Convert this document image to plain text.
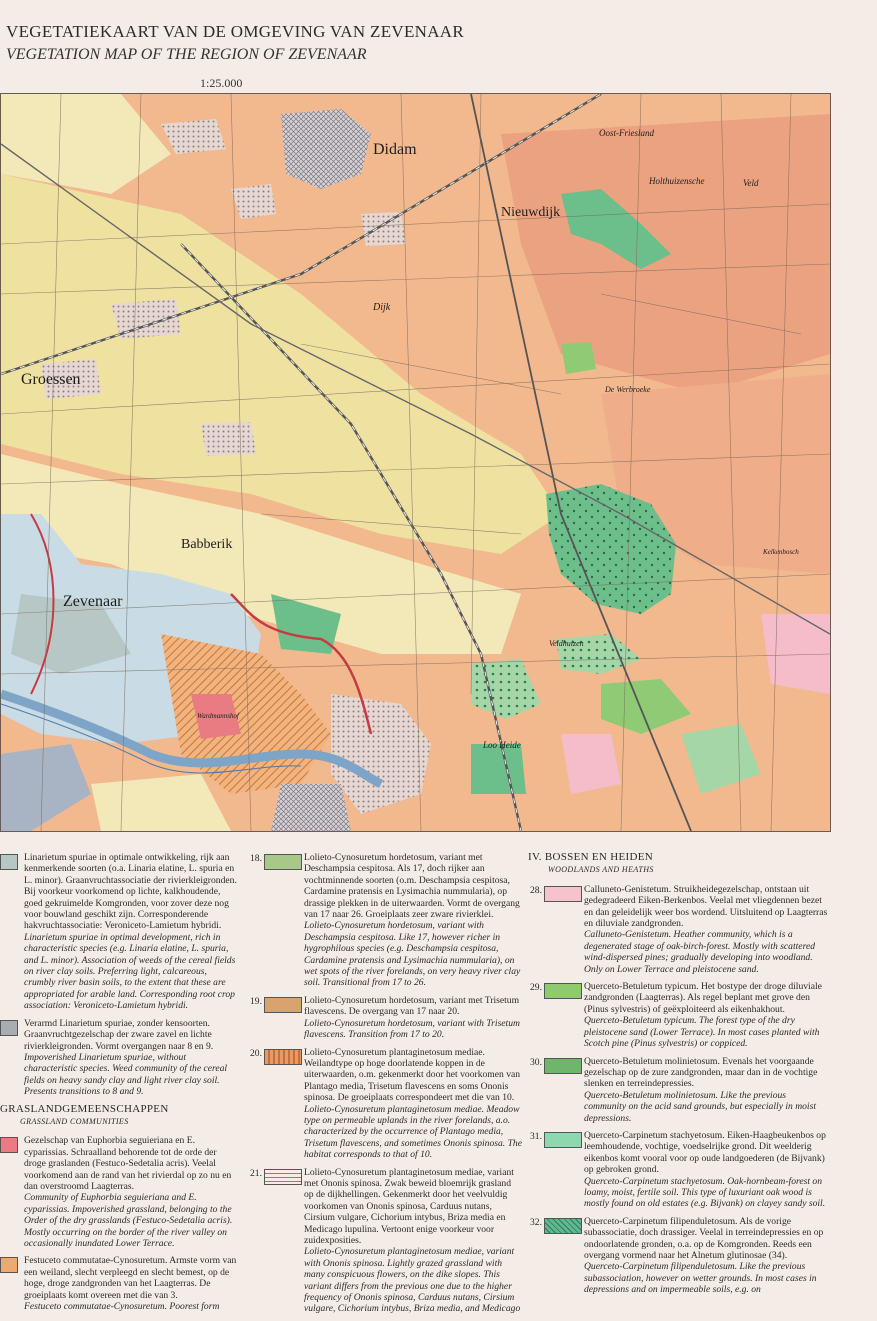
VEGETATIEKAART VAN DE OMGEVING VAN ZEVENAAR
VEGETATION MAP OF THE REGION OF ZEVENAAR
1:25.000
Didam
Nieuwdijk
Groessen
Babberik
Zevenaar
Oost-Friesland
Veld
De Werbroeke
Veldhuizen
Loo Heide
Dijk
Wardmannshof
Holthuizensche
Kelkenbosch
Linarietum spuriae in optimale ontwikkeling, rijk aan kenmerkende soorten (o.a. Linaria elatine, L. spuria en L. minor). Graanvruchtassociatie der rivierkleigronden. Bij voorkeur voorkomend op lichte, kalkhoudende, goed gekruimelde Komgronden, voor zover deze nog voor bouwland geschikt zijn. Corresponderende hakvruchtassociatie: Veroniceto-Lamietum hybridi.
Linarietum spuriae in optimal development, rich in characteristic species (e.g. Linaria elatine, L. spuria, and L. minor). Association of weeds of the cereal fields on river clay soils. Preferring light, calcareous, crumbly river basin soils, to the extent that these are appropriated for arable land. Corresponding root crop association: Veroniceto-Lamietum hybridi.
Verarmd Linarietum spuriae, zonder kensoorten. Graanvruchtgezelschap der zware zavel en lichte rivierkleigronden. Vormt overgangen naar 8 en 9.
Impoverished Linarietum spuriae, without characteristic species. Weed community of the cereal fields on heavy sandy clay and light river clay soil. Presents transitions to 8 and 9.
GRASLANDGEMEENSCHAPPEN
GRASSLAND COMMUNITIES
Gezelschap van Euphorbia seguieriana en E. cyparissias. Schraalland behorende tot de orde der droge graslanden (Festuco-Sedetalia acris). Veelal voorkomend aan de rand van het rivierdal op zo nu en dan overstroomd Laagterras.
Community of Euphorbia seguieriana and E. cyparissias. Impoverished grassland, belonging to the Order of the dry grasslands (Festuco-Sedetalia acris). Mostly occurring on the border of the river valley on occasionally inundated Lower Terrace.
Festuceto commutatae-Cynosuretum. Armste vorm van een weiland, slecht verpleegd en slecht bemest, op de hoge, droge zandgronden van het Laagterras. De groeiplaats komt overeen met die van 3.
Festuceto commutatae-Cynosuretum. Poorest form
18.	Lolieto-Cynosuretum hordetosum, variant met Deschampsia cespitosa. Als 17, doch rijker aan vochtminnende soorten (o.m. Deschampsia cespitosa, Cardamine pratensis en Lysimachia nummularia), op drassige plekken in de uiterwaarden. Vormt de overgang van 17 naar 26. Groeiplaats zeer zware rivierklei.
Lolieto-Cynosuretum hordetosum, variant with Deschampsia cespitosa. Like 17, however richer in hygrophilous species (e.g. Deschampsia cespitosa, Cardamine pratensis and Lysimachia nummularia), on wet spots of the river forelands, on very heavy river clay soil. Transitional from 17 to 26.
19.	Lolieto-Cynosuretum hordetosum, variant met Trisetum flavescens. De overgang van 17 naar 20.
Lolieto-Cynosuretum hordetosum, variant with Trisetum flavescens. Transition from 17 to 20.
20.	Lolieto-Cynosuretum plantaginetosum mediae. Weilandtype op hoge doorlatende koppen in de uiterwaarden, o.m. gekenmerkt door het voorkomen van Plantago media, Trisetum flavescens en soms Ononis spinosa. De groeiplaats correspondeert met die van 10.
Lolieto-Cynosuretum plantaginetosum mediae. Meadow type on permeable uplands in the river forelands, a.o. characterized by the occurrence of Plantago media, Trisetum flavescens, and sometimes Ononis spinosa. The habitat corresponds to that of 10.
21.	Lolieto-Cynosuretum plantaginetosum mediae, variant met Ononis spinosa. Zwak beweid bloemrijk grasland op de dijkhellingen. Gekenmerkt door het veelvuldig voorkomen van Ononis spinosa, Carduus nutans, Cirsium vulgare, Cichorium intybus, Briza media en Medicago lupulina. Vertoont enige voorkeur voor zuidexposities.
Lolieto-Cynosuretum plantaginetosum mediae, variant with Ononis spinosa. Lightly grazed grassland with many conspicuous flowers, on the dike slopes. This variant differs from the previous one due to the higher frequency of Ononis spinosa, Carduus nutans, Cirsium vulgare, Cichorium intybus, Briza media, and Medicago
IV. BOSSEN EN HEIDEN
WOODLANDS AND HEATHS
28.	Calluneto-Genistetum. Struikheidegezelschap, ontstaan uit gedegradeerd Eiken-Berkenbos. Veelal met vliegdennen bezet en dan geleidelijk weer bos wordend. Uitsluitend op Laagterras en diluviale zandgronden.
Calluneto-Genistetum. Heather community, which is a degenerated stage of oak-birch-forest. Mostly with scattered wind-dispersed pines; gradually developing into woodland. Only on Lower Terrace and pleistocene sand.
29.	Querceto-Betuletum typicum. Het bostype der droge diluviale zandgronden (Laagterras). Als regel beplant met grove den (Pinus sylvestris) of geëxploiteerd als eikenhakhout.
Querceto-Betuletum typicum. The forest type of the dry pleistocene sand (Lower Terrace). In most cases planted with Scotch pine (Pinus sylvestris) or coppiced.
30.	Querceto-Betuletum molinietosum. Evenals het voorgaande gezelschap op de zure zandgronden, maar dan in de vochtige slenken en terreindepressies.
Querceto-Betuletum molinietosum. Like the previous community on the acid sand grounds, but especially in moist depressions.
31.	Querceto-Carpinetum stachyetosum. Eiken-Haagbeukenbos op leemhoudende, vochtige, voedselrijke grond. Dit weelderig eikenbos komt vooral voor op oude landgoederen (de Bijvank) op gebroken grond.
Querceto-Carpinetum stachyetosum. Oak-hornbeam-forest on loamy, moist, fertile soil. This type of luxuriant oak wood is mostly found on old estates (e.g. Bijvank) on clayey sandy soil.
32.	Querceto-Carpinetum filipenduletosum. Als de vorige subassociatie, doch drassiger. Veelal in terreindepressies en op ondoorlatende gronden, o.a. op de Komgronden. Reeds een overgang vormend naar het Alnetum glutinosae (34).
Querceto-Carpinetum filipenduletosum. Like the previous subassociation, however on wetter grounds. In most cases in depressions and on impermeable soils, e.g. on
